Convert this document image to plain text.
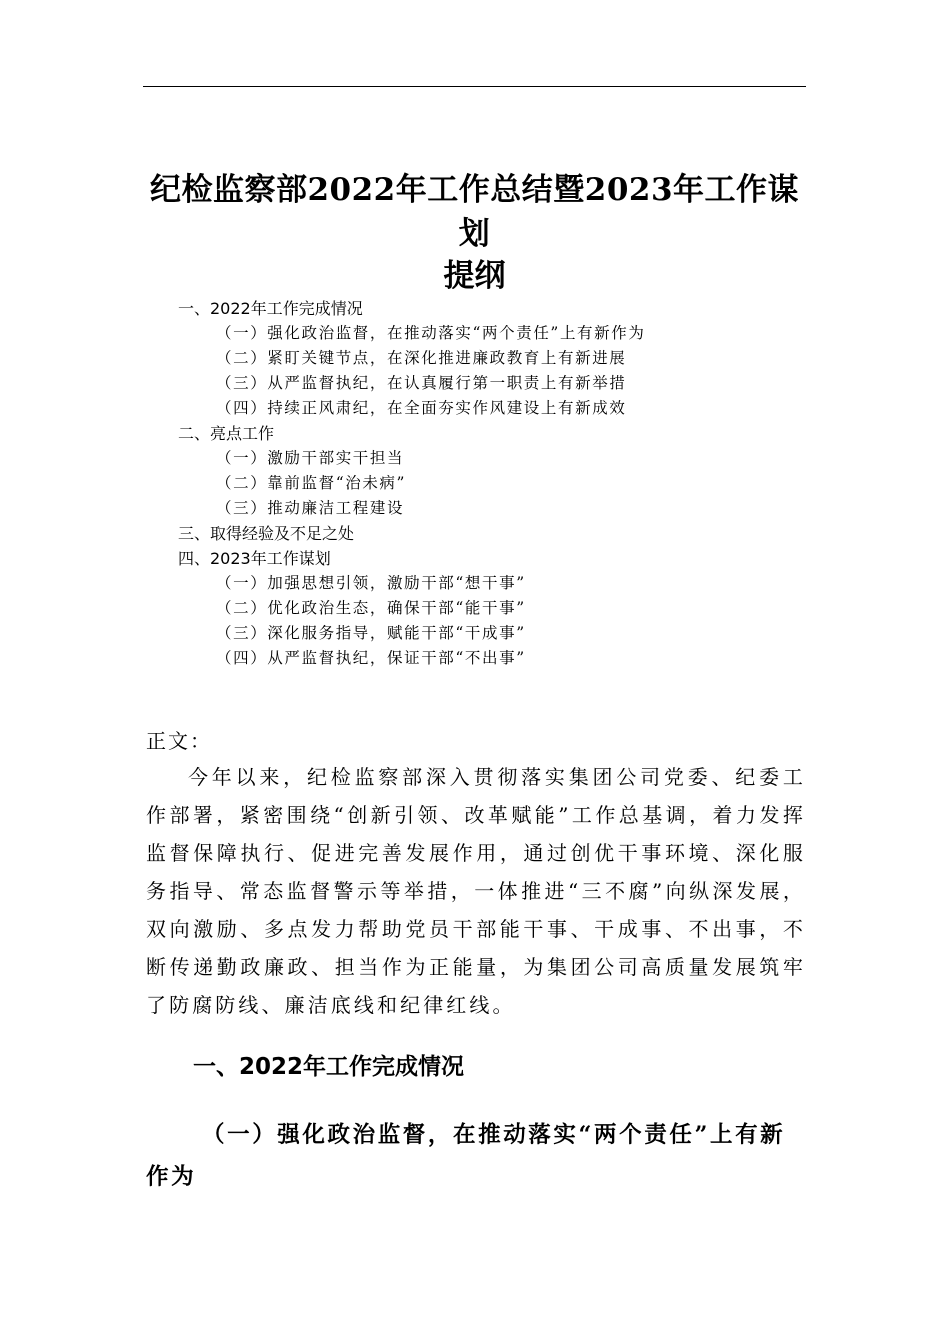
纪检监察部2022年工作总结暨2023年工作谋划
提纲
一、2022年工作完成情况
（一）强化政治监督，在推动落实“两个责任”上有新作为
（二）紧盯关键节点，在深化推进廉政教育上有新进展
（三）从严监督执纪，在认真履行第一职责上有新举措
（四）持续正风肃纪，在全面夯实作风建设上有新成效
二、亮点工作
（一）激励干部实干担当
（二）靠前监督“治未病”
（三）推动廉洁工程建设
三、取得经验及不足之处
四、2023年工作谋划
（一）加强思想引领，激励干部“想干事”
（二）优化政治生态，确保干部“能干事”
（三）深化服务指导，赋能干部“干成事”
（四）从严监督执纪，保证干部“不出事”
正文：
今年以来，纪检监察部深入贯彻落实集团公司党委、纪委工作部署，紧密围绕“创新引领、改革赋能”工作总基调，着力发挥监督保障执行、促进完善发展作用，通过创优干事环境、深化服务指导、常态监督警示等举措，一体推进“三不腐”向纵深发展，双向激励、多点发力帮助党员干部能干事、干成事、不出事，不断传递勤政廉政、担当作为正能量，为集团公司高质量发展筑牢了防腐防线、廉洁底线和纪律红线。
一、2022年工作完成情况
（一）强化政治监督，在推动落实“两个责任”上有新作为
